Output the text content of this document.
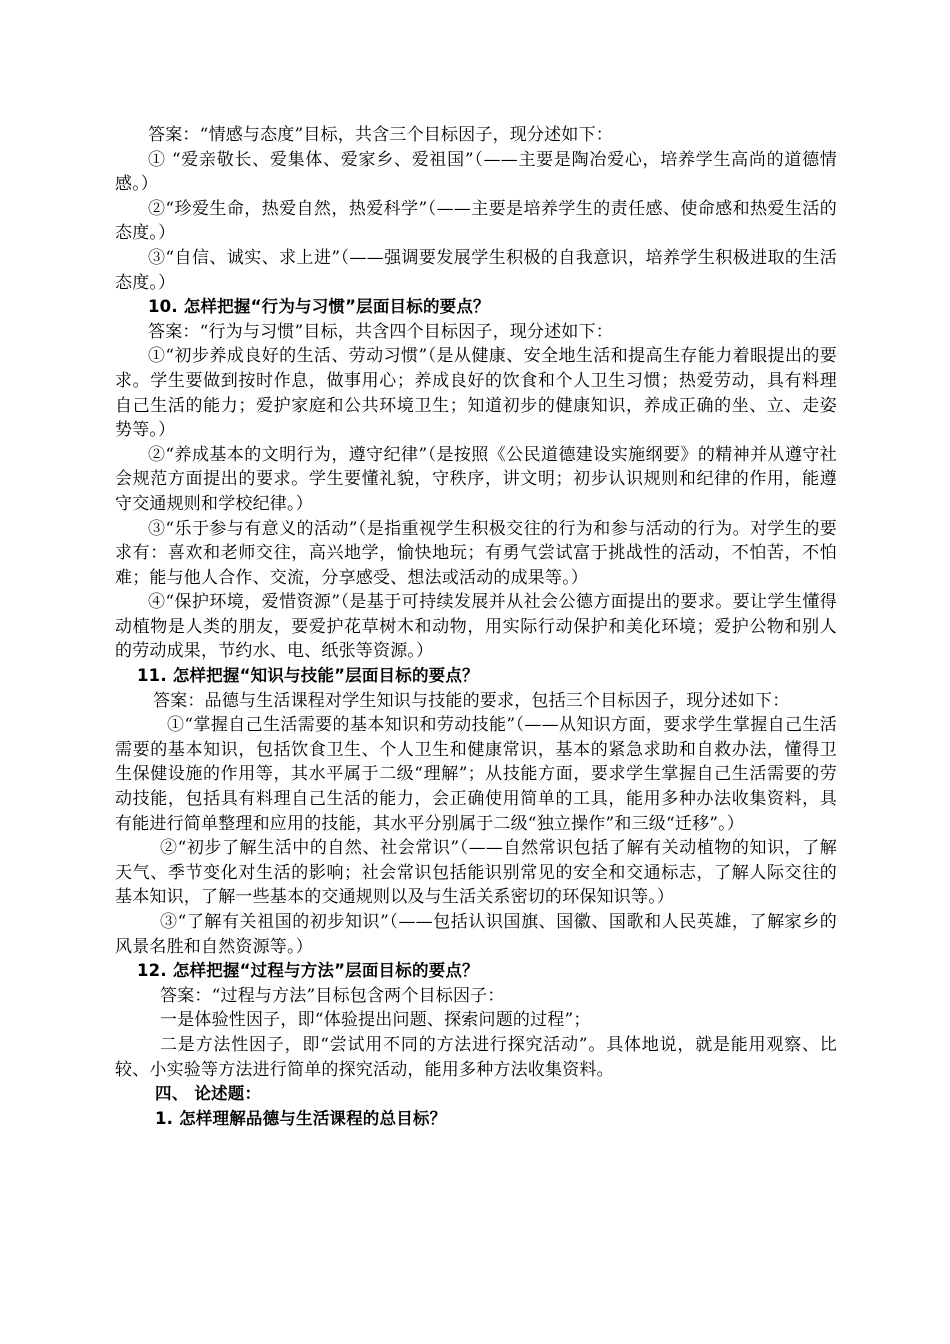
答案：“情感与态度”目标，共含三个目标因子，现分述如下：

① “爱亲敬长、爱集体、爱家乡、爱祖国”（——主要是陶冶爱心，培养学生高尚的道德情感。）

②“珍爱生命，热爱自然，热爱科学”（——主要是培养学生的责任感、使命感和热爱生活的态度。）

③“自信、诚实、求上进”（——强调要发展学生积极的自我意识，培养学生积极进取的生活态度。）

10. 怎样把握“行为与习惯”层面目标的要点？

答案：“行为与习惯”目标，共含四个目标因子，现分述如下：

①“初步养成良好的生活、劳动习惯”（是从健康、安全地生活和提高生存能力着眼提出的要求。学生要做到按时作息，做事用心；养成良好的饮食和个人卫生习惯；热爱劳动，具有料理自己生活的能力；爱护家庭和公共环境卫生；知道初步的健康知识，养成正确的坐、立、走姿势等。）

②“养成基本的文明行为，遵守纪律”（是按照《公民道德建设实施纲要》的精神并从遵守社会规范方面提出的要求。学生要懂礼貌，守秩序，讲文明；初步认识规则和纪律的作用，能遵守交通规则和学校纪律。）

③“乐于参与有意义的活动”（是指重视学生积极交往的行为和参与活动的行为。对学生的要求有：喜欢和老师交往，高兴地学，愉快地玩；有勇气尝试富于挑战性的活动，不怕苦，不怕难；能与他人合作、交流，分享感受、想法或活动的成果等。）

④“保护环境，爱惜资源”（是基于可持续发展并从社会公德方面提出的要求。要让学生懂得动植物是人类的朋友，要爱护花草树木和动物，用实际行动保护和美化环境；爱护公物和别人的劳动成果，节约水、电、纸张等资源。）

11. 怎样把握“知识与技能”层面目标的要点？

答案：品德与生活课程对学生知识与技能的要求，包括三个目标因子，现分述如下：

①“掌握自己生活需要的基本知识和劳动技能”（——从知识方面，要求学生掌握自己生活需要的基本知识，包括饮食卫生、个人卫生和健康常识，基本的紧急求助和自救办法，懂得卫生保健设施的作用等，其水平属于二级“理解”；从技能方面，要求学生掌握自己生活需要的劳动技能，包括具有料理自己生活的能力，会正确使用简单的工具，能用多种办法收集资料，具有能进行简单整理和应用的技能，其水平分别属于二级“独立操作”和三级“迁移”。）

②“初步了解生活中的自然、社会常识”（——自然常识包括了解有关动植物的知识，了解天气、季节变化对生活的影响；社会常识包括能识别常见的安全和交通标志，了解人际交往的基本知识，了解一些基本的交通规则以及与生活关系密切的环保知识等。）

③“了解有关祖国的初步知识”（——包括认识国旗、国徽、国歌和人民英雄，了解家乡的风景名胜和自然资源等。）

12. 怎样把握“过程与方法”层面目标的要点？

答案：“过程与方法”目标包含两个目标因子：

一是体验性因子，即“体验提出问题、探索问题的过程”；

二是方法性因子，即“尝试用不同的方法进行探究活动”。具体地说，就是能用观察、比较、小实验等方法进行简单的探究活动，能用多种方法收集资料。

四、 论述题：

1. 怎样理解品德与生活课程的总目标？
